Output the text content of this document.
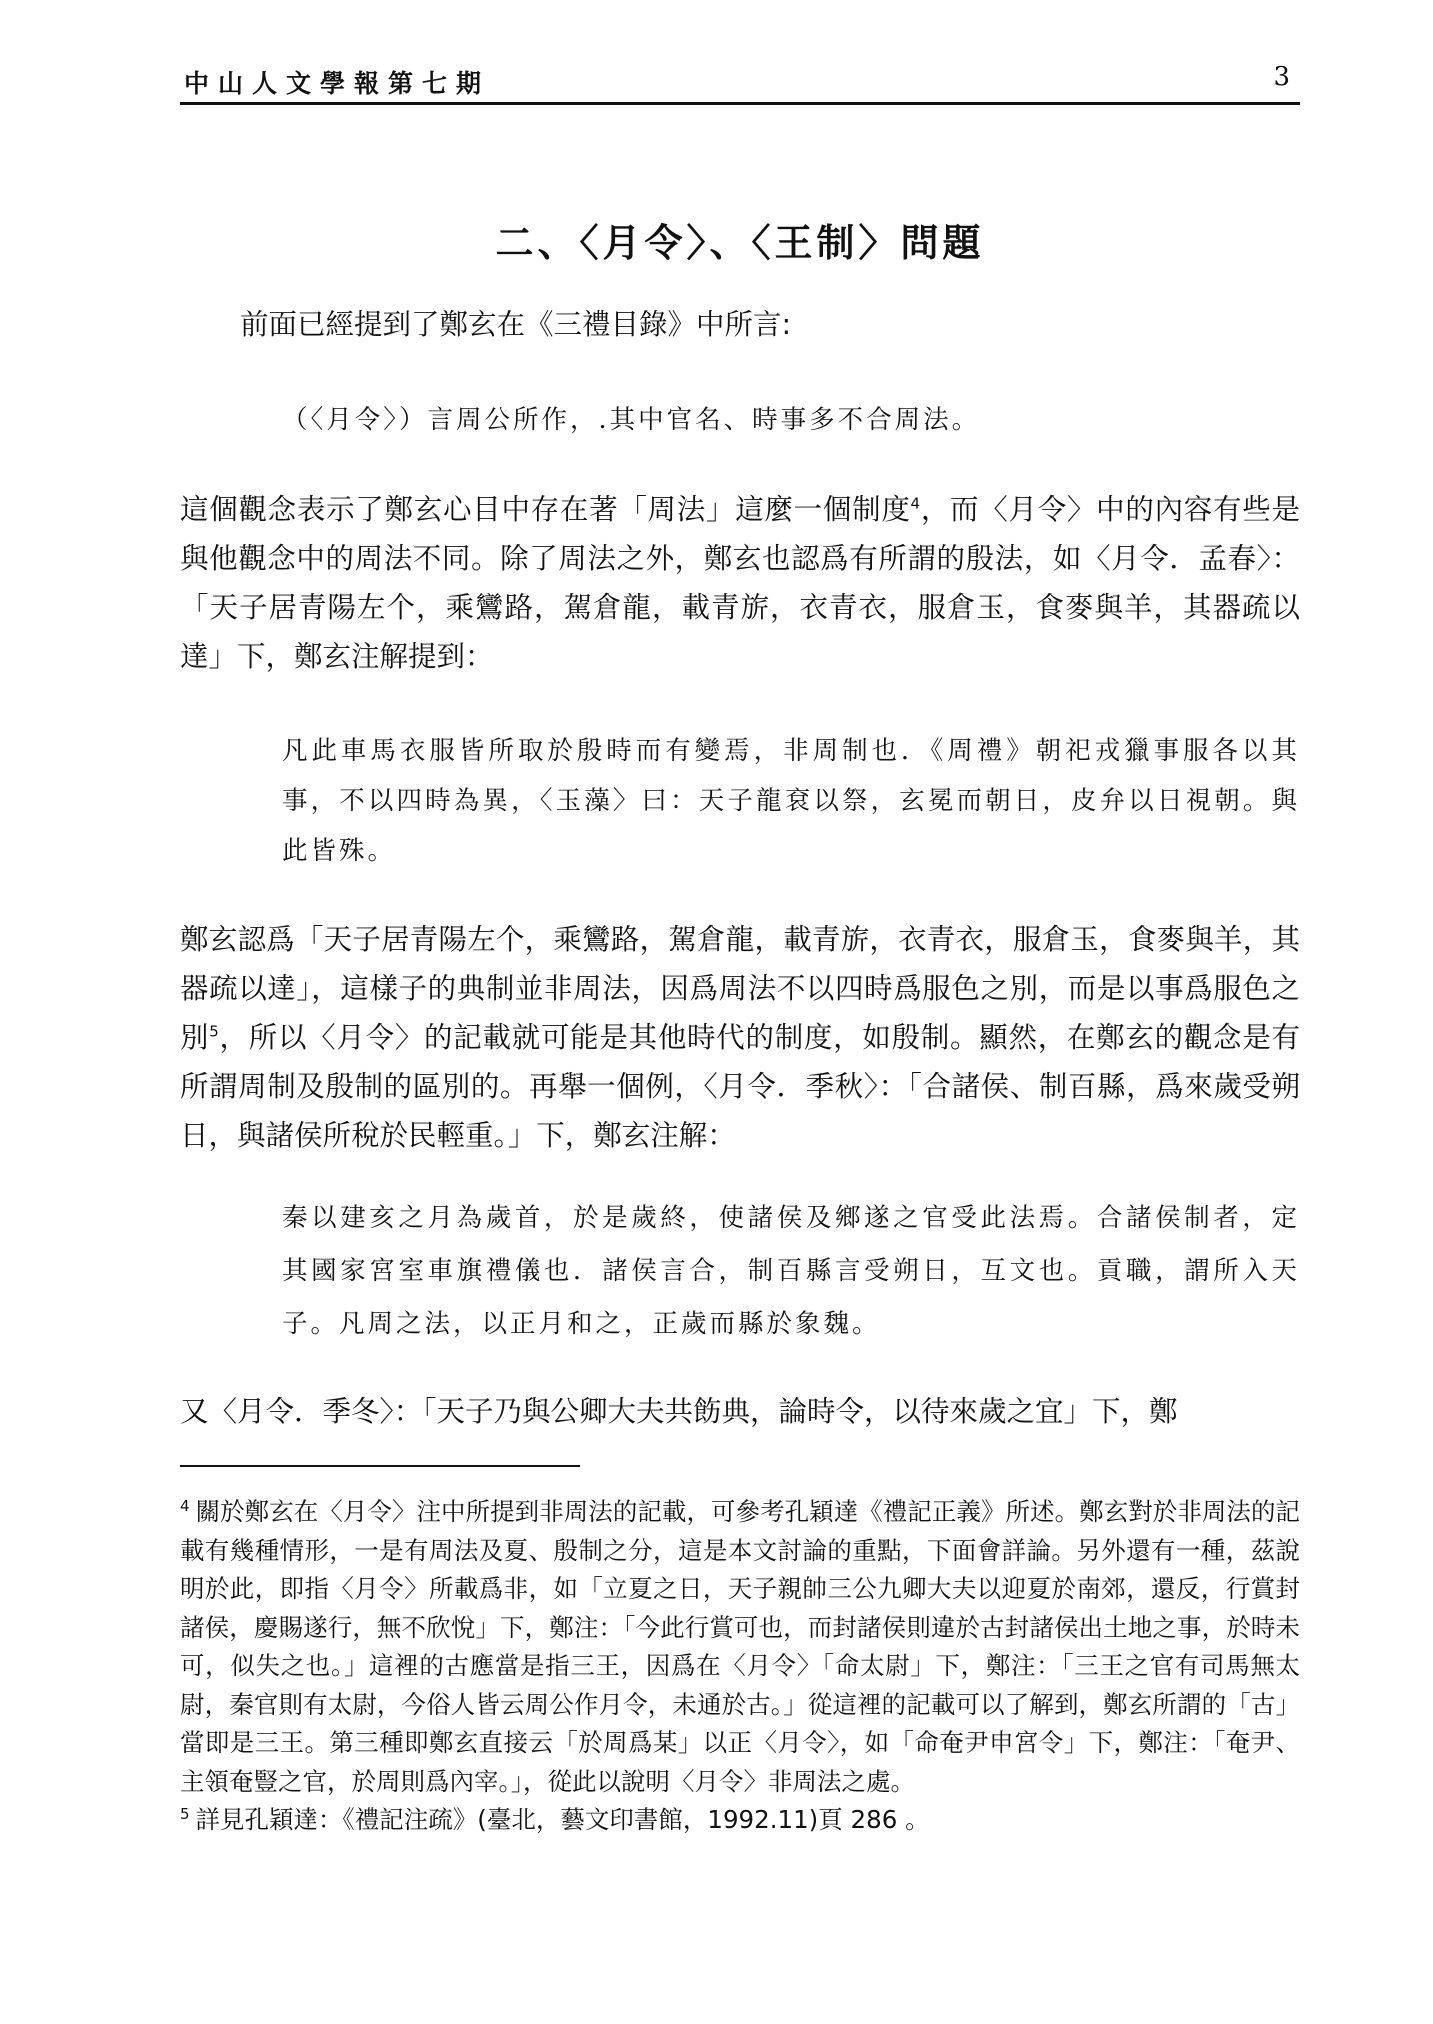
中山人文學報第七期	3
二、〈月令〉、〈王制〉問題

前面已經提到了鄭玄在《三禮目錄》中所言:

（〈月令〉）言周公所作，.其中官名、時事多不合周法。

這個觀念表示了鄭玄心目中存在著「周法」這麼一個制度$^4$，而〈月令〉中的內容有些是與他觀念中的周法不同。除了周法之外，鄭玄也認爲有所謂的殷法，如〈月令．孟春〉：「天子居青陽左个，乘鸞路，駕倉龍，載青旂，衣青衣，服倉玉，食麥與羊，其器疏以達」下，鄭玄注解提到：

凡此車馬衣服皆所取於殷時而有變焉，非周制也．《周禮》朝祀戎獵事服各以其事，不以四時為異，〈玉藻〉曰：天子龍袞以祭，玄冕而朝日，皮弁以日視朝。與此皆殊。

鄭玄認爲「天子居青陽左个，乘鸞路，駕倉龍，載青旂，衣青衣，服倉玉，食麥與羊，其器疏以達」，這樣子的典制並非周法，因爲周法不以四時爲服色之別，而是以事爲服色之別$^5$，所以〈月令〉的記載就可能是其他時代的制度，如殷制。顯然，在鄭玄的觀念是有所謂周制及殷制的區別的。再舉一個例，〈月令．季秋〉：「合諸侯、制百縣，爲來歲受朔日，與諸侯所稅於民輕重。」下，鄭玄注解：

秦以建亥之月為歲首，於是歲終，使諸侯及鄉遂之官受此法焉。合諸侯制者，定其國家宮室車旗禮儀也．諸侯言合，制百縣言受朔日，互文也。貢職，謂所入天子。凡周之法，以正月和之，正歲而縣於象魏。

又〈月令．季冬〉：「天子乃與公卿大夫共飭典，論時令，以待來歲之宜」下，鄭

$^4$ 關於鄭玄在〈月令〉注中所提到非周法的記載，可參考孔穎達《禮記正義》所述。鄭玄對於非周法的記載有幾種情形，一是有周法及夏、殷制之分，這是本文討論的重點，下面會詳論。另外還有一種，茲說明於此，即指〈月令〉所載爲非，如「立夏之日，天子親帥三公九卿大夫以迎夏於南郊，還反，行賞封諸侯，慶賜遂行，無不欣悅」下，鄭注：「今此行賞可也，而封諸侯則違於古封諸侯出土地之事，於時未可，似失之也。」這裡的古應當是指三王，因爲在〈月令〉「命太尉」下，鄭注：「三王之官有司馬無太尉，秦官則有太尉，今俗人皆云周公作月令，未通於古。」從這裡的記載可以了解到，鄭玄所謂的「古」當即是三王。第三種即鄭玄直接云「於周爲某」以正〈月令〉，如「命奄尹申宮令」下，鄭注：「奄尹、主領奄豎之官，於周則爲內宰。」，從此以說明〈月令〉非周法之處。

$^5$ 詳見孔穎達：《禮記注疏》(臺北，藝文印書館，1992.11)頁 286 。
